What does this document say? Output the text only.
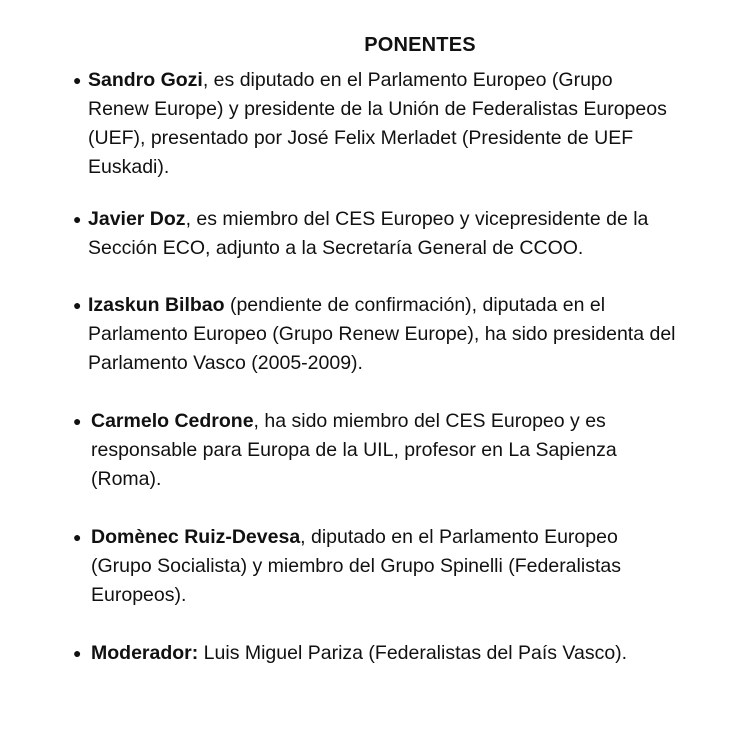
PONENTES
● Sandro Gozi, es diputado en el Parlamento Europeo (Grupo Renew Europe) y presidente de la Unión de Federalistas Europeos (UEF), presentado por José Felix Merladet (Presidente de UEF Euskadi).
● Javier Doz, es miembro del CES Europeo y vicepresidente de la Sección ECO, adjunto a la Secretaría General de CCOO.
● Izaskun Bilbao (pendiente de confirmación), diputada en el Parlamento Europeo (Grupo Renew Europe), ha sido presidenta del Parlamento Vasco (2005-2009).
● Carmelo Cedrone, ha sido miembro del CES Europeo y es responsable para Europa de la UIL, profesor en La Sapienza (Roma).
● Domènec Ruiz-Devesa, diputado en el Parlamento Europeo (Grupo Socialista) y miembro del Grupo Spinelli (Federalistas Europeos).
● Moderador: Luis Miguel Pariza (Federalistas del País Vasco).
